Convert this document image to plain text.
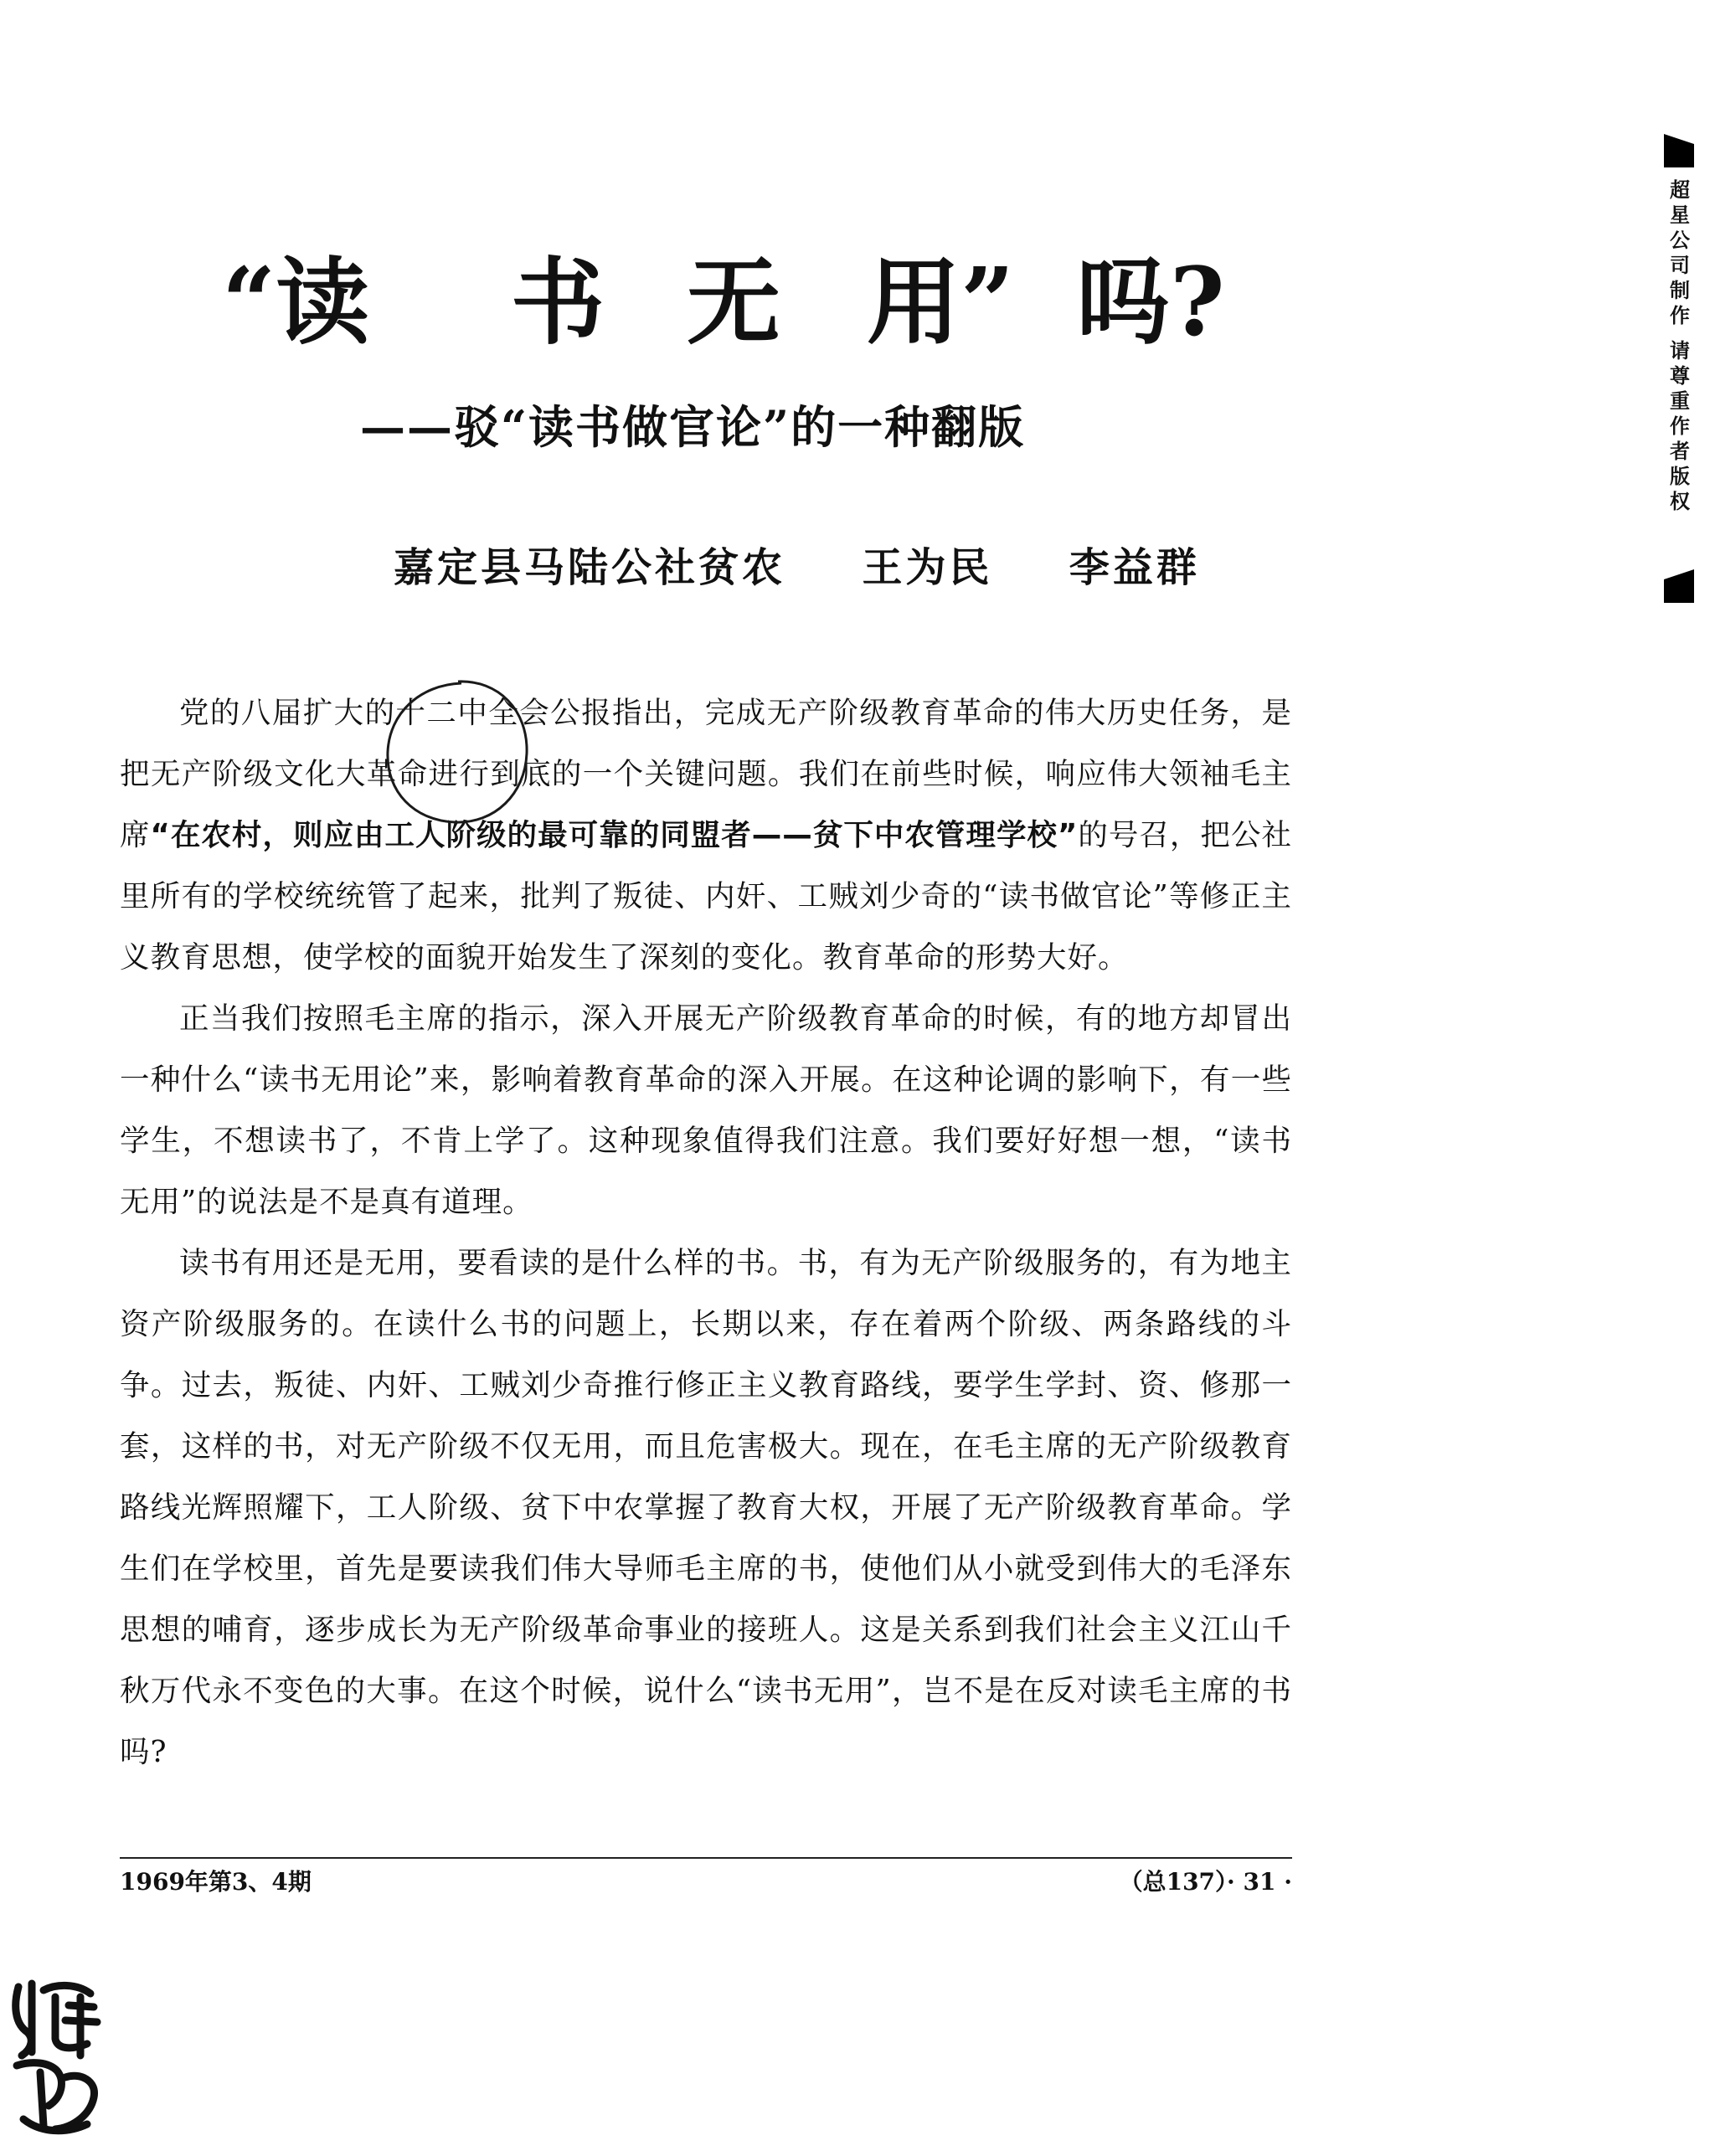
“读 书 无 用” 吗?
——驳“读书做官论”的一种翻版
嘉定县马陆公社贫农 王为民 李益群

党的八届扩大的十二中全会公报指出，完成无产阶级教育革命的伟大历史任务，是把无产阶级文化大革命进行到底的一个关键问题。我们在前些时候，响应伟大领袖毛主席“在农村，则应由工人阶级的最可靠的同盟者——贫下中农管理学校”的号召，把公社里所有的学校统统管了起来，批判了叛徒、内奸、工贼刘少奇的“读书做官论”等修正主义教育思想，使学校的面貌开始发生了深刻的变化。教育革命的形势大好。

正当我们按照毛主席的指示，深入开展无产阶级教育革命的时候，有的地方却冒出一种什么“读书无用论”来，影响着教育革命的深入开展。在这种论调的影响下，有一些学生，不想读书了，不肯上学了。这种现象值得我们注意。我们要好好想一想，“读书无用”的说法是不是真有道理。

读书有用还是无用，要看读的是什么样的书。书，有为无产阶级服务的，有为地主资产阶级服务的。在读什么书的问题上，长期以来，存在着两个阶级、两条路线的斗争。过去，叛徒、内奸、工贼刘少奇推行修正主义教育路线，要学生学封、资、修那一套，这样的书，对无产阶级不仅无用，而且危害极大。现在，在毛主席的无产阶级教育路线光辉照耀下，工人阶级、贫下中农掌握了教育大权，开展了无产阶级教育革命。学生们在学校里，首先是要读我们伟大导师毛主席的书，使他们从小就受到伟大的毛泽东思想的哺育，逐步成长为无产阶级革命事业的接班人。这是关系到我们社会主义江山千秋万代永不变色的大事。在这个时候，说什么“读书无用”，岂不是在反对读毛主席的书吗?

1969年第3、4期	（总137）· 31 ·
超星公司制作
请尊重作者版权
